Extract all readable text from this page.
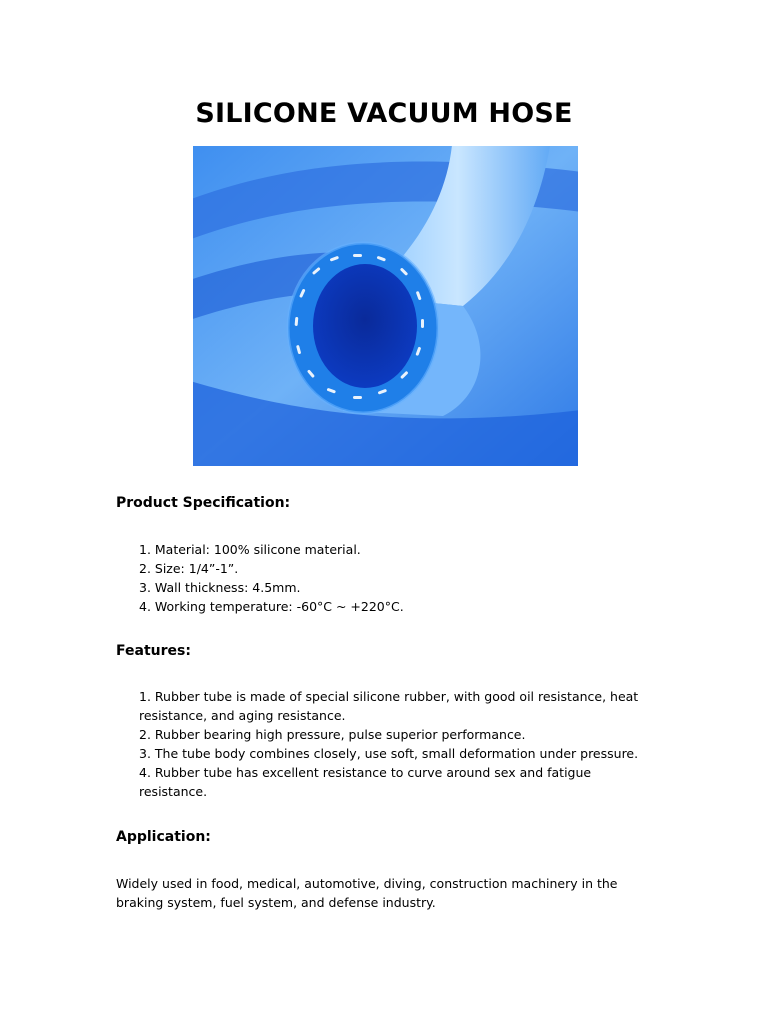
SILICONE VACUUM HOSE
Product Specification:

1. Material: 100% silicone material.

2. Size: 1/4”-1”.

3. Wall thickness: 4.5mm.

4. Working temperature: -60°C ~ +220°C.

Features:

1. Rubber tube is made of special silicone rubber, with good oil resistance, heat resistance, and aging resistance.

2. Rubber bearing high pressure, pulse superior performance.

3. The tube body combines closely, use soft, small deformation under pressure.

4. Rubber tube has excellent resistance to curve around sex and fatigue resistance.

Application:

Widely used in food, medical, automotive, diving, construction machinery in the braking system, fuel system, and defense industry.
